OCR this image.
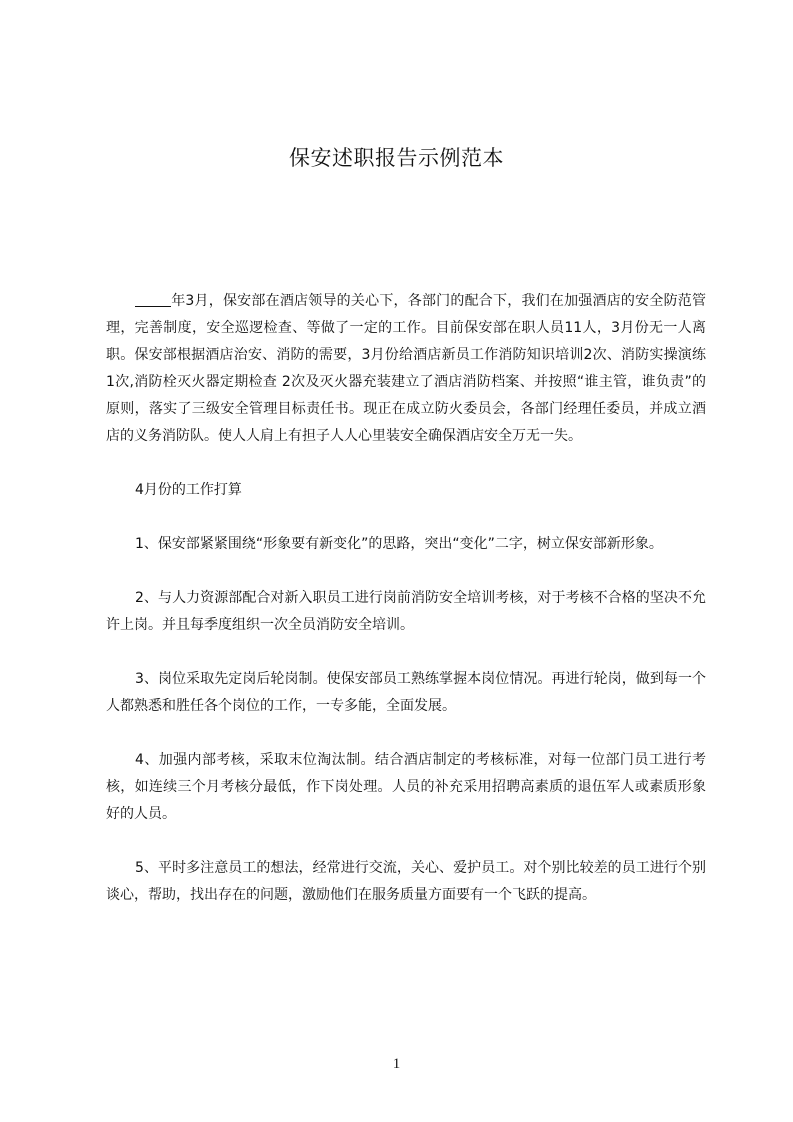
保安述职报告示例范本

年3月，保安部在酒店领导的关心下，各部门的配合下，我们在加强酒店的安全防范管理，完善制度，安全巡逻检查、等做了一定的工作。目前保安部在职人员11人，3月份无一人离职。保安部根据酒店治安、消防的需要，3月份给酒店新员工作消防知识培训2次、消防实操演练 1次,消防栓灭火器定期检查 2次及灭火器充装建立了酒店消防档案、并按照“谁主管，谁负责”的原则，落实了三级安全管理目标责任书。现正在成立防火委员会，各部门经理任委员，并成立酒店的义务消防队。使人人肩上有担子人人心里装安全确保酒店安全万无一失。

4月份的工作打算

1、保安部紧紧围绕“形象要有新变化”的思路，突出“变化”二字，树立保安部新形象。

2、与人力资源部配合对新入职员工进行岗前消防安全培训考核，对于考核不合格的坚决不允许上岗。并且每季度组织一次全员消防安全培训。

3、岗位采取先定岗后轮岗制。使保安部员工熟练掌握本岗位情况。再进行轮岗，做到每一个人都熟悉和胜任各个岗位的工作，一专多能，全面发展。

4、加强内部考核，采取末位淘汰制。结合酒店制定的考核标准，对每一位部门员工进行考核，如连续三个月考核分最低，作下岗处理。人员的补充采用招聘高素质的退伍军人或素质形象好的人员。

5、平时多注意员工的想法，经常进行交流，关心、爱护员工。对个别比较差的员工进行个别谈心，帮助，找出存在的问题，激励他们在服务质量方面要有一个飞跃的提高。

1
